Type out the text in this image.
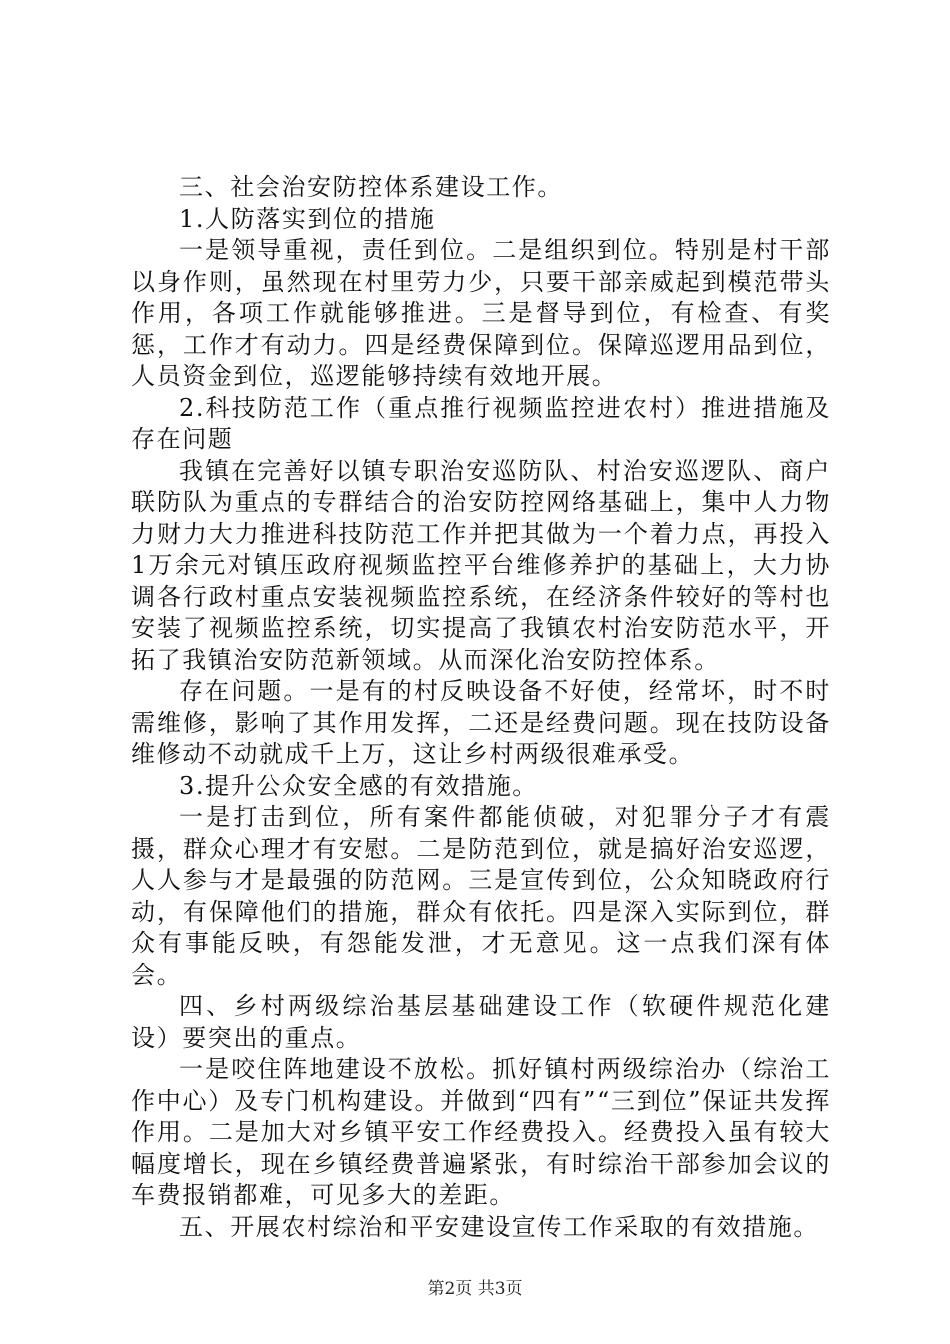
三、社会治安防控体系建设工作。

1.人防落实到位的措施

一是领导重视，责任到位。二是组织到位。特别是村干部以身作则，虽然现在村里劳力少，只要干部亲威起到模范带头作用，各项工作就能够推进。三是督导到位，有检查、有奖惩，工作才有动力。四是经费保障到位。保障巡逻用品到位，人员资金到位，巡逻能够持续有效地开展。

2.科技防范工作（重点推行视频监控进农村）推进措施及存在问题

我镇在完善好以镇专职治安巡防队、村治安巡逻队、商户联防队为重点的专群结合的治安防控网络基础上，集中人力物力财力大力推进科技防范工作并把其做为一个着力点，再投入1万余元对镇压政府视频监控平台维修养护的基础上，大力协调各行政村重点安装视频监控系统，在经济条件较好的等村也安装了视频监控系统，切实提高了我镇农村治安防范水平，开拓了我镇治安防范新领域。从而深化治安防控体系。

存在问题。一是有的村反映设备不好使，经常坏，时不时需维修，影响了其作用发挥，二还是经费问题。现在技防设备维修动不动就成千上万，这让乡村两级很难承受。

3.提升公众安全感的有效措施。

一是打击到位，所有案件都能侦破，对犯罪分子才有震摄，群众心理才有安慰。二是防范到位，就是搞好治安巡逻，人人参与才是最强的防范网。三是宣传到位，公众知晓政府行动，有保障他们的措施，群众有依托。四是深入实际到位，群众有事能反映，有怨能发泄，才无意见。这一点我们深有体会。

四、乡村两级综治基层基础建设工作（软硬件规范化建设）要突出的重点。

一是咬住阵地建设不放松。抓好镇村两级综治办（综治工作中心）及专门机构建设。并做到“四有”“三到位”保证共发挥作用。二是加大对乡镇平安工作经费投入。经费投入虽有较大幅度增长，现在乡镇经费普遍紧张，有时综治干部参加会议的车费报销都难，可见多大的差距。

五、开展农村综治和平安建设宣传工作采取的有效措施。

第2页 共3页
